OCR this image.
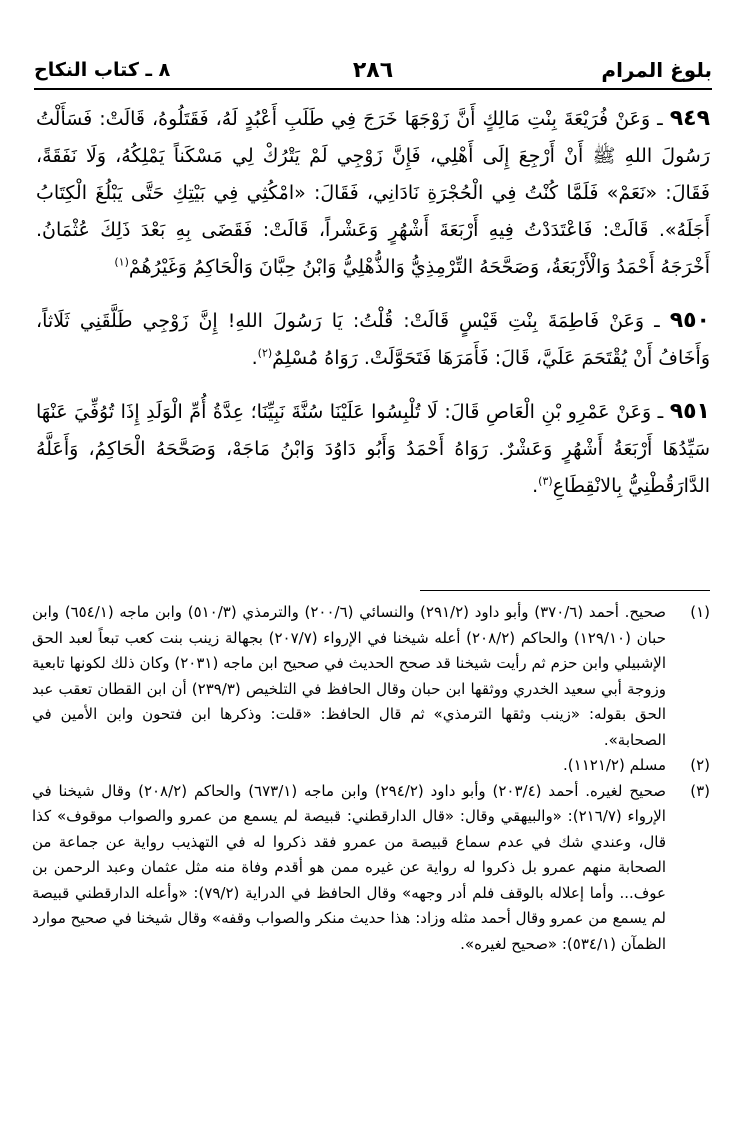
بلوغ المرام
٢٨٦
٨ ـ كتاب النكاح

٩٤٩ ـ وَعَنْ فُرَيْعَةَ بِنْتِ مَالِكٍ أَنَّ زَوْجَهَا خَرَجَ فِي طَلَبِ أَعْبُدٍ لَهُ، فَقَتَلُوهُ، قَالَتْ: فَسَأَلْتُ رَسُولَ اللهِ ﷺ أَنْ أَرْجِعَ إِلَى أَهْلِي، فَإِنَّ زَوْجِي لَمْ يَتْرُكْ لِي مَسْكَناً يَمْلِكُهُ، وَلَا نَفَقَةً، فَقَالَ: «نَعَمْ» فَلَمَّا كُنْتُ فِي الْحُجْرَةِ نَادَانِي، فَقَالَ: «امْكُثِي فِي بَيْتِكِ حَتَّى يَبْلُغَ الْكِتَابُ أَجَلَهُ». قَالَتْ: فَاعْتَدَدْتُ فِيهِ أَرْبَعَةَ أَشْهُرٍ وَعَشْراً، قَالَتْ: فَقَضَى بِهِ بَعْدَ ذَلِكَ عُثْمَانُ. أَخْرَجَهُ أَحْمَدُ وَالْأَرْبَعَةُ، وَصَحَّحَهُ التِّرْمِذِيُّ وَالذُّهْلِيُّ وَابْنُ حِبَّانَ وَالْحَاكِمُ وَغَيْرُهُمْ$^{(١)}$

٩٥٠ ـ وَعَنْ فَاطِمَةَ بِنْتِ قَيْسٍ قَالَتْ: قُلْتُ: يَا رَسُولَ اللهِ! إِنَّ زَوْجِي طَلَّقَنِي ثَلَاثاً، وَأَخَافُ أَنْ يُقْتَحَمَ عَلَيَّ، قَالَ: فَأَمَرَهَا فَتَحَوَّلَتْ. رَوَاهُ مُسْلِمٌ$^{(٢)}$.

٩٥١ ـ وَعَنْ عَمْرِو بْنِ الْعَاصِ قَالَ: لَا تُلْبِسُوا عَلَيْنَا سُنَّةَ نَبِيِّنَا؛ عِدَّةُ أُمِّ الْوَلَدِ إِذَا تُوُفِّيَ عَنْهَا سَيِّدُهَا أَرْبَعَةُ أَشْهُرٍ وَعَشْرٌ. رَوَاهُ أَحْمَدُ وَأَبُو دَاوُدَ وَابْنُ مَاجَهْ، وَصَحَّحَهُ الْحَاكِمُ، وَأَعَلَّهُ الدَّارَقُطْنِيُّ بِالانْقِطَاعِ$^{(٣)}$.

(١)
صحيح. أحمد (٣٧٠/٦) وأبو داود (٢٩١/٢) والنسائي (٢٠٠/٦) والترمذي (٥١٠/٣) وابن ماجه (٦٥٤/١) وابن حبان (١٢٩/١٠) والحاكم (٢٠٨/٢) أعله شيخنا في الإرواء (٢٠٧/٧) بجهالة زينب بنت كعب تبعاً لعبد الحق الإشبيلي وابن حزم ثم رأيت شيخنا قد صحح الحديث في صحيح ابن ماجه (٢٠٣١) وكان ذلك لكونها تابعية وزوجة أبي سعيد الخدري ووثقها ابن حبان وقال الحافظ في التلخيص (٢٣٩/٣) أن ابن القطان تعقب عبد الحق بقوله: «زينب وثقها الترمذي» ثم قال الحافظ: «قلت: وذكرها ابن فتحون وابن الأمين في الصحابة».
(٢)
مسلم (١١٢١/٢).
(٣)
صحيح لغيره. أحمد (٢٠٣/٤) وأبو داود (٢٩٤/٢) وابن ماجه (٦٧٣/١) والحاكم (٢٠٨/٢) وقال شيخنا في الإرواء (٢١٦/٧): «والبيهقي وقال: «قال الدارقطني: قبيصة لم يسمع من عمرو والصواب موقوف» كذا قال، وعندي شك في عدم سماع قبيصة من عمرو فقد ذكروا له في التهذيب رواية عن جماعة من الصحابة منهم عمرو بل ذكروا له رواية عن غيره ممن هو أقدم وفاة منه مثل عثمان وعبد الرحمن بن عوف... وأما إعلاله بالوقف فلم أدر وجهه» وقال الحافظ في الدراية (٧٩/٢): «وأعله الدارقطني قبيصة لم يسمع من عمرو وقال أحمد مثله وزاد: هذا حديث منكر والصواب وقفه» وقال شيخنا في صحيح موارد الظمآن (٥٣٤/١): «صحيح لغيره».
